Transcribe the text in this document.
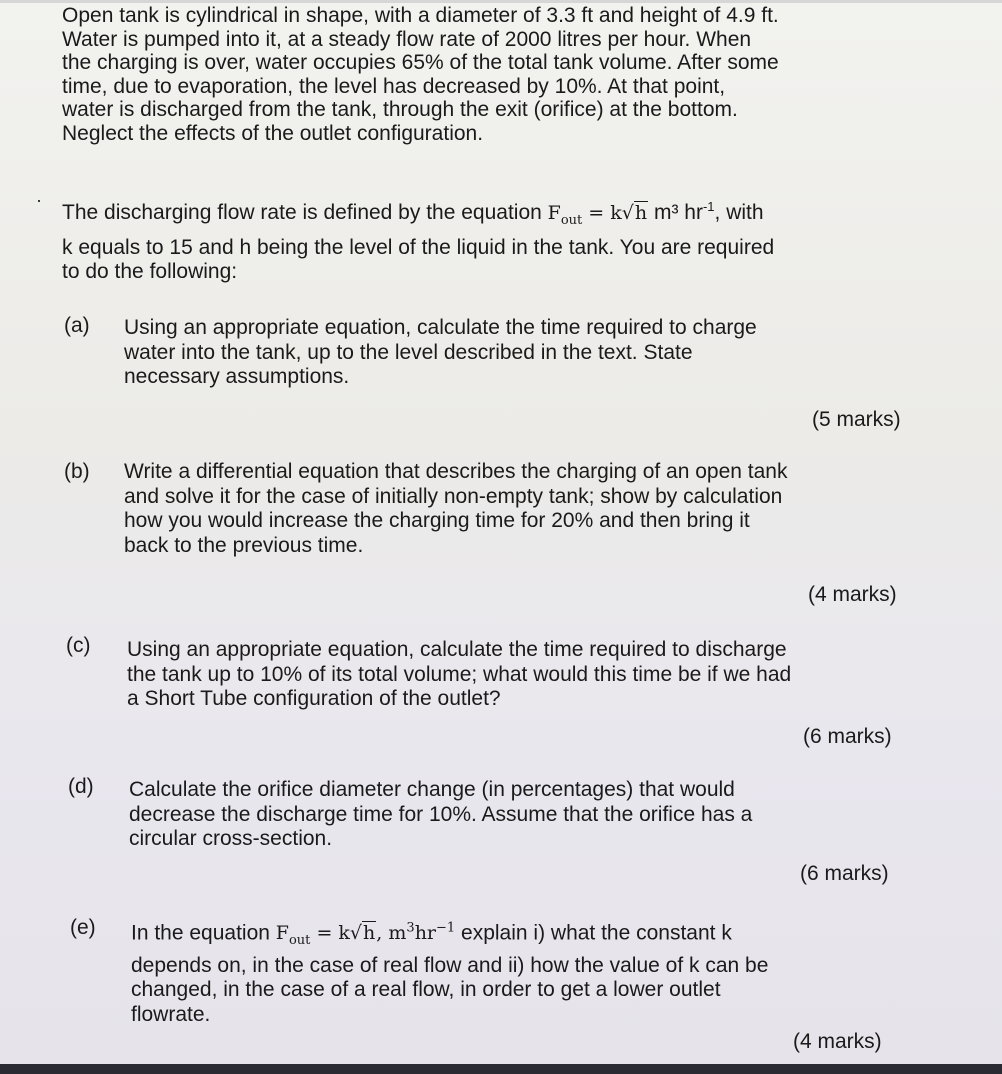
Open tank is cylindrical in shape, with a diameter of 3.3 ft and height of 4.9 ft.
Water is pumped into it, at a steady flow rate of 2000 litres per hour. When
the charging is over, water occupies 65% of the total tank volume. After some
time, due to evaporation, the level has decreased by 10%. At that point,
water is discharged from the tank, through the exit (orifice) at the bottom.
Neglect the effects of the outlet configuration.
·
The discharging flow rate is defined by the equation $F_{out} = k√h$ m³ $hr^{-1}$, with
k equals to 15 and h being the level of the liquid in the tank. You are required
to do the following:
(a) Using an appropriate equation, calculate the time required to charge
water into the tank, up to the level described in the text. State
necessary assumptions.
(5 marks)
(b) Write a differential equation that describes the charging of an open tank
and solve it for the case of initially non-empty tank; show by calculation
how you would increase the charging time for 20% and then bring it
back to the previous time.
(4 marks)
(c) Using an appropriate equation, calculate the time required to discharge
the tank up to 10% of its total volume; what would this time be if we had
a Short Tube configuration of the outlet?
(6 marks)
(d) Calculate the orifice diameter change (in percentages) that would
decrease the discharge time for 10%. Assume that the orifice has a
circular cross-section.
(6 marks)
(e) In the equation $F_{out} = k√h$, $m^3hr^{-1}$ explain i) what the constant k
depends on, in the case of real flow and ii) how the value of k can be
changed, in the case of a real flow, in order to get a lower outlet
flowrate.
(4 marks)
